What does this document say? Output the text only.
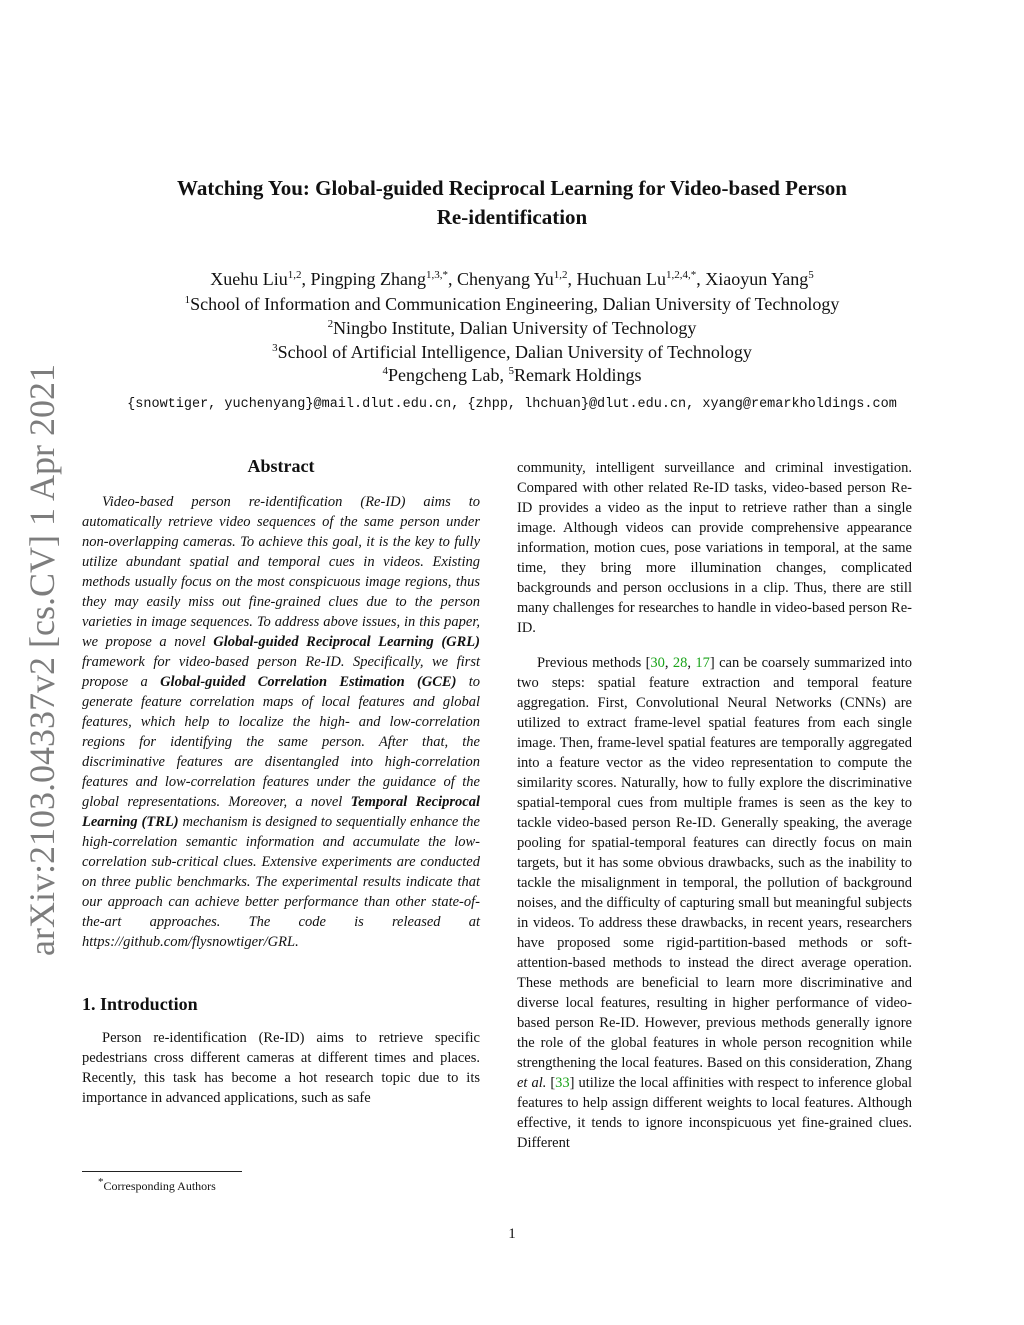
arXiv:2103.04337v2 [cs.CV] 1 Apr 2021
Watching You: Global-guided Reciprocal Learning for Video-based Person
Re-identification
Xuehu Liu$^{1,2}$, Pingping Zhang$^{1,3,*}$, Chenyang Yu$^{1,2}$, Huchuan $Lu^{1,2,4,*}$, Xiaoyun Yang$^5$
$^1$School of Information and Communication Engineering, Dalian University of Technology
$^2$Ningbo Institute, Dalian University of Technology
$^3$School of Artificial Intelligence, Dalian University of Technology
$^4$Pengcheng Lab, $^5$Remark Holdings
{snowtiger, yuchenyang}@mail.dlut.edu.cn, {zhpp, lhchuan}@dlut.edu.cn, xyang@remarkholdings.com
Abstract

Video-based person re-identification (Re-ID) aims to automatically retrieve video sequences of the same person under non-overlapping cameras. To achieve this goal, it is the key to fully utilize abundant spatial and temporal cues in videos. Existing methods usually focus on the most conspicuous image regions, thus they may easily miss out fine-grained clues due to the person varieties in image sequences. To address above issues, in this paper, we propose a novel Global-guided Reciprocal Learning (GRL) framework for video-based person Re-ID. Specifically, we first propose a Global-guided Correlation Estimation (GCE) to generate feature correlation maps of local features and global features, which help to localize the high- and low-correlation regions for identifying the same person. After that, the discriminative features are disentangled into high-correlation features and low-correlation features under the guidance of the global representations. Moreover, a novel Temporal Reciprocal Learning (TRL) mechanism is designed to sequentially enhance the high-correlation semantic information and accumulate the low-correlation sub-critical clues. Extensive experiments are conducted on three public benchmarks. The experimental results indicate that our approach can achieve better performance than other state-of-the-art approaches. The code is released at https://github.com/flysnowtiger/GRL.

1. Introduction

Person re-identification (Re-ID) aims to retrieve specific pedestrians cross different cameras at different times and places. Recently, this task has become a hot research topic due to its importance in advanced applications, such as safe

community, intelligent surveillance and criminal investigation. Compared with other related Re-ID tasks, video-based person Re-ID provides a video as the input to retrieve rather than a single image. Although videos can provide comprehensive appearance information, motion cues, pose variations in temporal, at the same time, they bring more illumination changes, complicated backgrounds and person occlusions in a clip. Thus, there are still many challenges for researches to handle in video-based person Re-ID.

Previous methods [30, 28, 17] can be coarsely summarized into two steps: spatial feature extraction and temporal feature aggregation. First, Convolutional Neural Networks (CNNs) are utilized to extract frame-level spatial features from each single image. Then, frame-level spatial features are temporally aggregated into a feature vector as the video representation to compute the similarity scores. Naturally, how to fully explore the discriminative spatial-temporal cues from multiple frames is seen as the key to tackle video-based person Re-ID. Generally speaking, the average pooling for spatial-temporal features can directly focus on main targets, but it has some obvious drawbacks, such as the inability to tackle the misalignment in temporal, the pollution of background noises, and the difficulty of capturing small but meaningful subjects in videos. To address these drawbacks, in recent years, researchers have proposed some rigid-partition-based methods or soft-attention-based methods to instead the direct average operation. These methods are beneficial to learn more discriminative and diverse local features, resulting in higher performance of video-based person Re-ID. However, previous methods generally ignore the role of the global features in whole person recognition while strengthening the local features. Based on this consideration, Zhang et al. [33] utilize the local affinities with respect to inference global features to help assign different weights to local features. Although effective, it tends to ignore inconspicuous yet fine-grained clues. Different

*Corresponding Authors
1
